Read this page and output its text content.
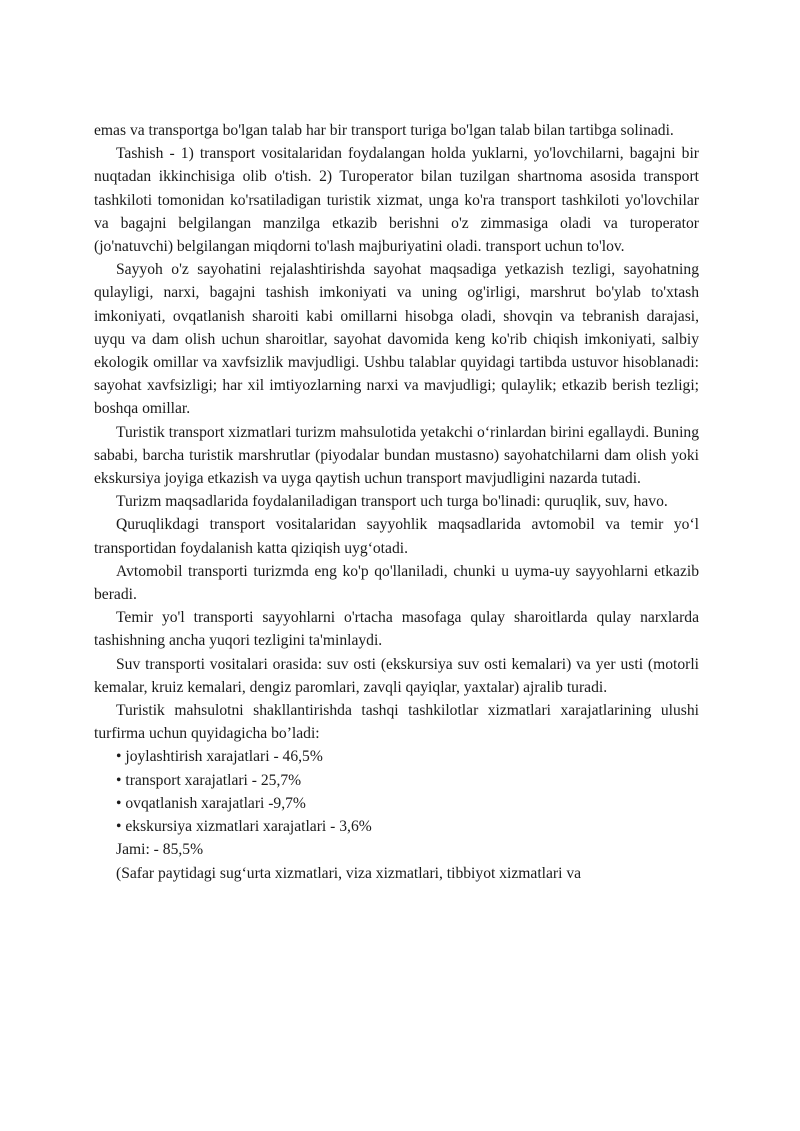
emas va transportga bo'lgan talab har bir transport turiga bo'lgan talab bilan tartibga solinadi.

Tashish - 1) transport vositalaridan foydalangan holda yuklarni, yo'lovchilarni, bagajni bir nuqtadan ikkinchisiga olib o'tish. 2) Turoperator bilan tuzilgan shartnoma asosida transport tashkiloti tomonidan ko'rsatiladigan turistik xizmat, unga ko'ra transport tashkiloti yo'lovchilar va bagajni belgilangan manzilga etkazib berishni o'z zimmasiga oladi va turoperator (jo'natuvchi) belgilangan miqdorni to'lash majburiyatini oladi. transport uchun to'lov.

Sayyoh o'z sayohatini rejalashtirishda sayohat maqsadiga yetkazish tezligi, sayohatning qulayligi, narxi, bagajni tashish imkoniyati va uning og'irligi, marshrut bo'ylab to'xtash imkoniyati, ovqatlanish sharoiti kabi omillarni hisobga oladi, shovqin va tebranish darajasi, uyqu va dam olish uchun sharoitlar, sayohat davomida keng ko'rib chiqish imkoniyati, salbiy ekologik omillar va xavfsizlik mavjudligi. Ushbu talablar quyidagi tartibda ustuvor hisoblanadi: sayohat xavfsizligi; har xil imtiyozlarning narxi va mavjudligi; qulaylik; etkazib berish tezligi; boshqa omillar.

Turistik transport xizmatlari turizm mahsulotida yetakchi o‘rinlardan birini egallaydi. Buning sababi, barcha turistik marshrutlar (piyodalar bundan mustasno) sayohatchilarni dam olish yoki ekskursiya joyiga etkazish va uyga qaytish uchun transport mavjudligini nazarda tutadi.

Turizm maqsadlarida foydalaniladigan transport uch turga bo'linadi: quruqlik, suv, havo.

Quruqlikdagi transport vositalaridan sayyohlik maqsadlarida avtomobil va temir yo‘l transportidan foydalanish katta qiziqish uyg‘otadi.

Avtomobil transporti turizmda eng ko'p qo'llaniladi, chunki u uyma-uy sayyohlarni etkazib beradi.

Temir yo'l transporti sayyohlarni o'rtacha masofaga qulay sharoitlarda qulay narxlarda tashishning ancha yuqori tezligini ta'minlaydi.

Suv transporti vositalari orasida: suv osti (ekskursiya suv osti kemalari) va yer usti (motorli kemalar, kruiz kemalari, dengiz paromlari, zavqli qayiqlar, yaxtalar) ajralib turadi.

Turistik mahsulotni shakllantirishda tashqi tashkilotlar xizmatlari xarajatlarining ulushi turfirma uchun quyidagicha bo’ladi:

• joylashtirish xarajatlari - 46,5%

• transport xarajatlari - 25,7%

• ovqatlanish xarajatlari -9,7%

• ekskursiya xizmatlari xarajatlari - 3,6%

Jami: - 85,5%

(Safar paytidagi sug‘urta xizmatlari, viza xizmatlari, tibbiyot xizmatlari va
